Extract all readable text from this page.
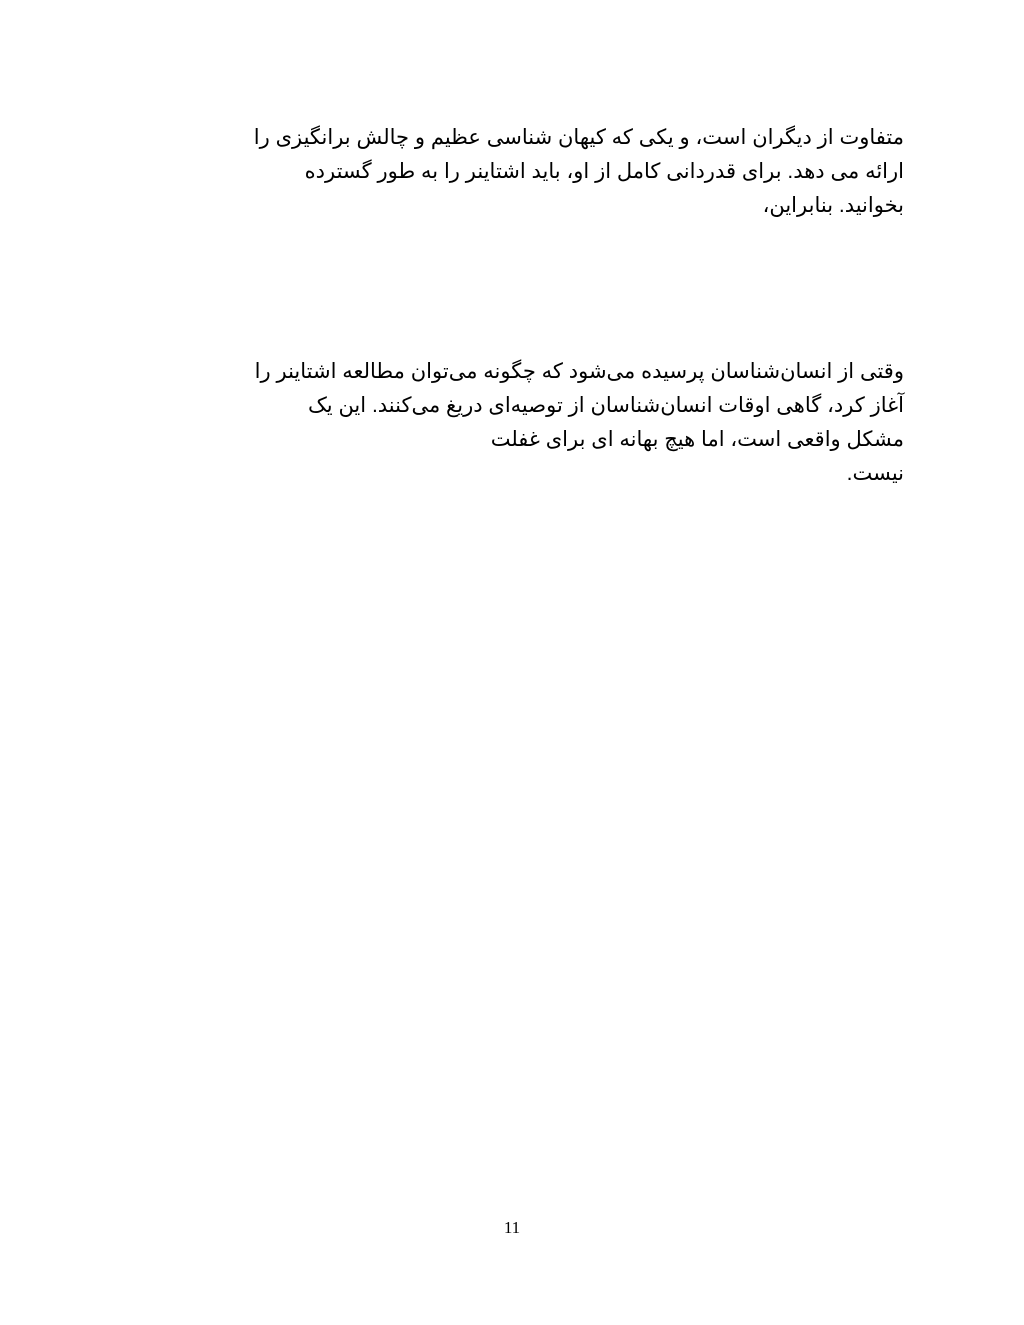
متفاوت از دیگران است، و یکی که کیهان شناسی عظیم و چالش برانگیزی را
ارائه می دهد. برای قدردانی کامل از او، باید اشتاینر را به طور گسترده
بخوانید. بنابراین،

وقتی از انسان‌شناسان پرسیده می‌شود که چگونه می‌توان مطالعه اشتاینر را
آغاز کرد، گاهی اوقات انسان‌شناسان از توصیه‌ای دریغ می‌کنند. این یک
مشکل واقعی است، اما هیچ بهانه ای برای غفلت
نیست.

11
